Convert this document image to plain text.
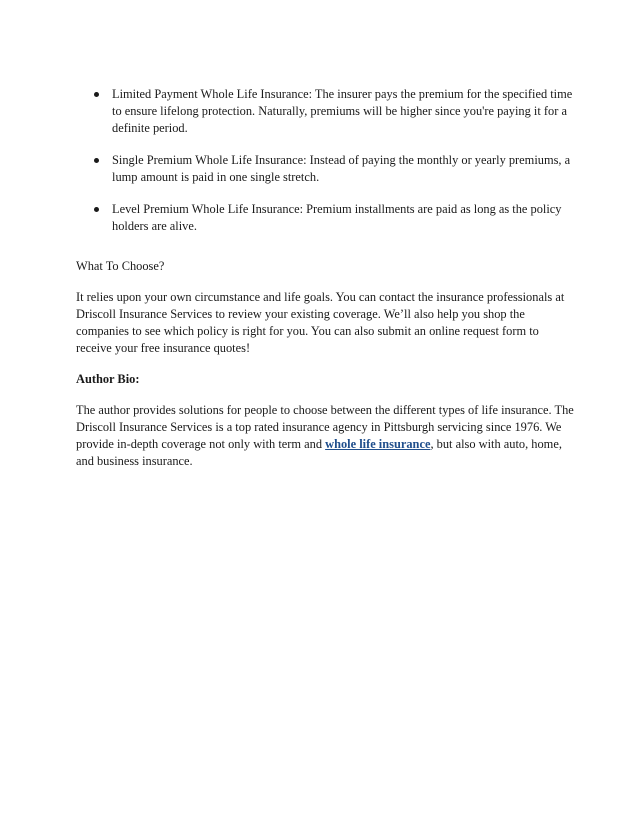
Limited Payment Whole Life Insurance: The insurer pays the premium for the specified time to ensure lifelong protection. Naturally, premiums will be higher since you're paying it for a definite period.
Single Premium Whole Life Insurance: Instead of paying the monthly or yearly premiums, a lump amount is paid in one single stretch.
Level Premium Whole Life Insurance: Premium installments are paid as long as the policy holders are alive.

What To Choose?

It relies upon your own circumstance and life goals. You can contact the insurance professionals at Driscoll Insurance Services to review your existing coverage. We’ll also help you shop the companies to see which policy is right for you. You can also submit an online request form to receive your free insurance quotes!

Author Bio:

The author provides solutions for people to choose between the different types of life insurance. The Driscoll Insurance Services is a top rated insurance agency in Pittsburgh servicing since 1976. We provide in-depth coverage not only with term and whole life insurance, but also with auto, home, and business insurance.
